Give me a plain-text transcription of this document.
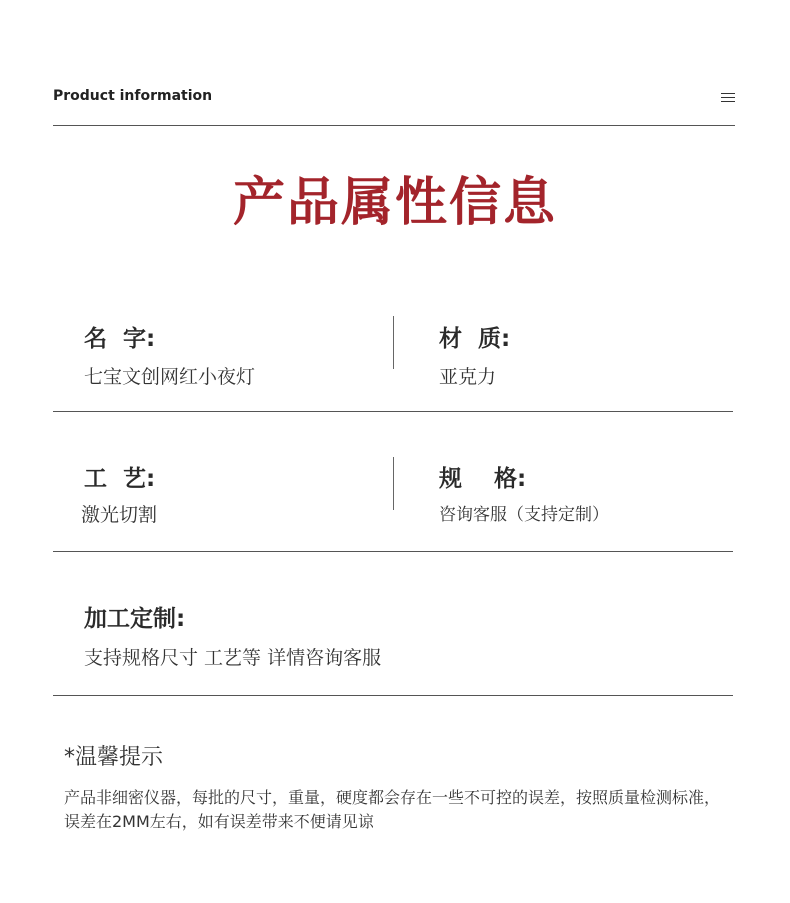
Product information
产品属性信息
名  字:
七宝文创网红小夜灯
材  质:
亚克力
工  艺:
激光切割
规    格:
咨询客服（支持定制）
加工定制:
支持规格尺寸 工艺等 详情咨询客服
*温馨提示
产品非细密仪器，每批的尺寸，重量，硬度都会存在一些不可控的误差，按照质量检测标准，误差在2MM左右，如有误差带来不便请见谅
